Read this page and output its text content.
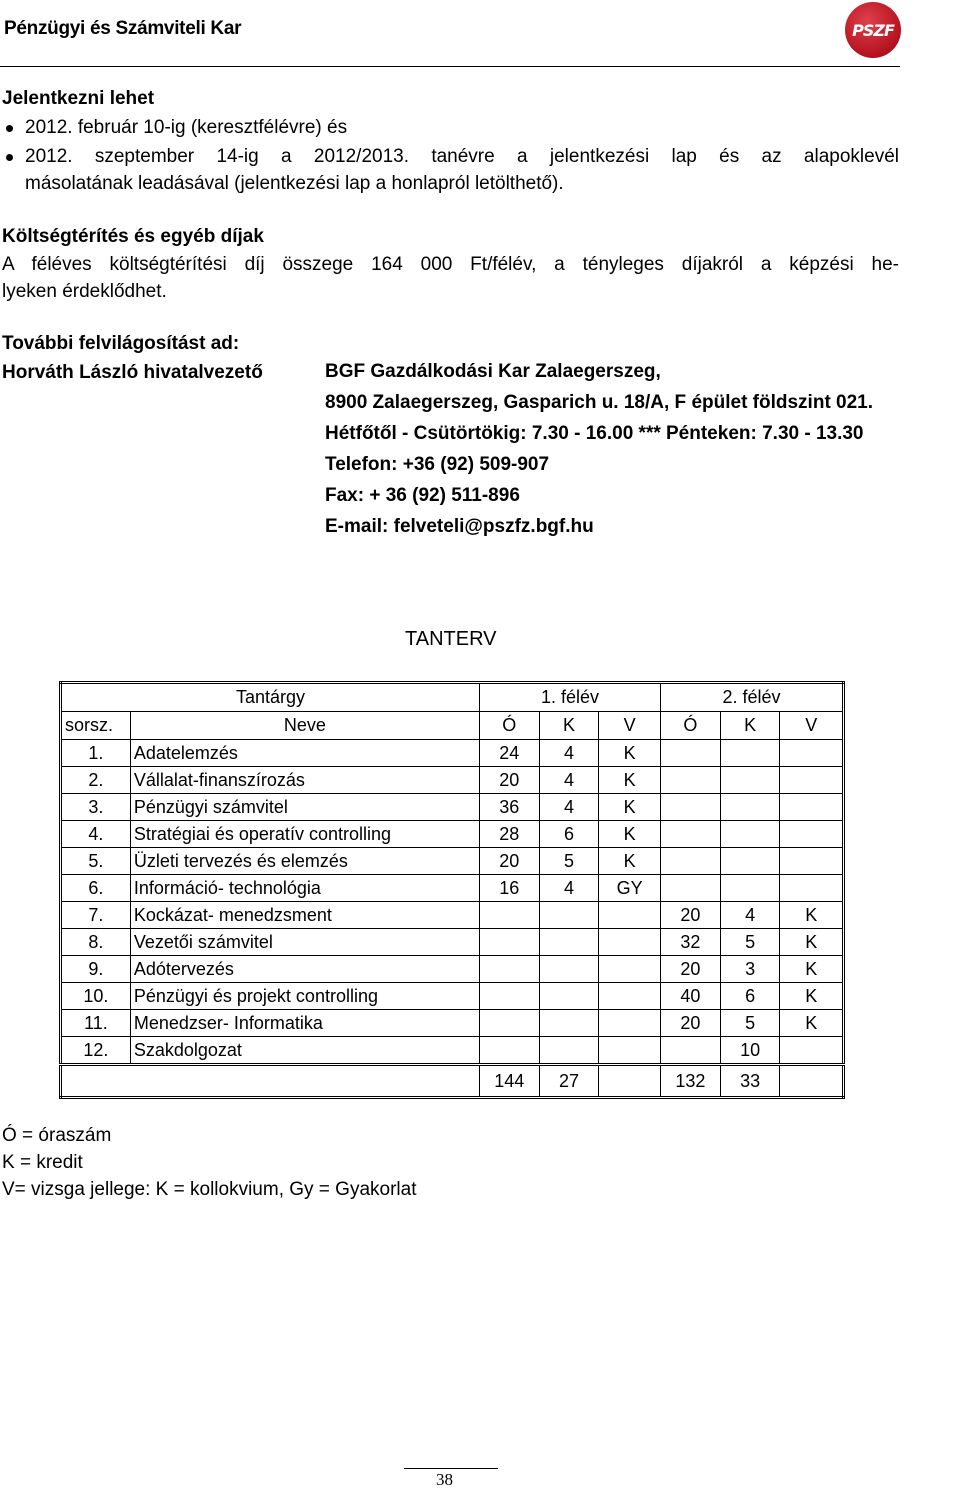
Pénzügyi és Számviteli Kar	PSZF
Jelentkezni lehet
2012. február 10-ig (keresztfélévre) és
2012. szeptember 14-ig a 2012/2013. tanévre a jelentkezési lap és az alapoklevél
másolatának leadásával (jelentkezési lap a honlapról letölthető).
Költségtérítés és egyéb díjak
A féléves költségtérítési díj összege 164 000 Ft/félév, a tényleges díjakról a képzési he-
lyeken érdeklődhet.
További felvilágosítást ad:
Horváth László hivatalvezető	BGF Gazdálkodási Kar Zalaegerszeg,
8900 Zalaegerszeg, Gasparich u. 18/A, F épület földszint 021.
Hétfőtől - Csütörtökig: 7.30 - 16.00 *** Pénteken: 7.30 - 13.30
Telefon: +36 (92) 509-907
Fax: + 36 (92) 511-896
E-mail: felveteli@pszfz.bgf.hu
TANTERV
Tantárgy		1. félév			2. félév		
sorsz.	Neve	Ó	K	V	Ó	K	V
1.	Adatelemzés	24	4	K			
2.	Vállalat-finanszírozás	20	4	K			
3.	Pénzügyi számvitel	36	4	K			
4.	Stratégiai és operatív controlling	28	6	K			
5.	Üzleti tervezés és elemzés	20	5	K			
6.	Információ- technológia	16	4	GY			
7.	Kockázat- menedzsment				20	4	K
8.	Vezetői számvitel				32	5	K
9.	Adótervezés				20	3	K
10.	Pénzügyi és projekt controlling				40	6	K
11.	Menedzser- Informatika				20	5	K
12.	Szakdolgozat					10	
		144	27		132	33	
Ó = óraszám
K = kredit
V= vizsga jellege: K = kollokvium, Gy = Gyakorlat
38
